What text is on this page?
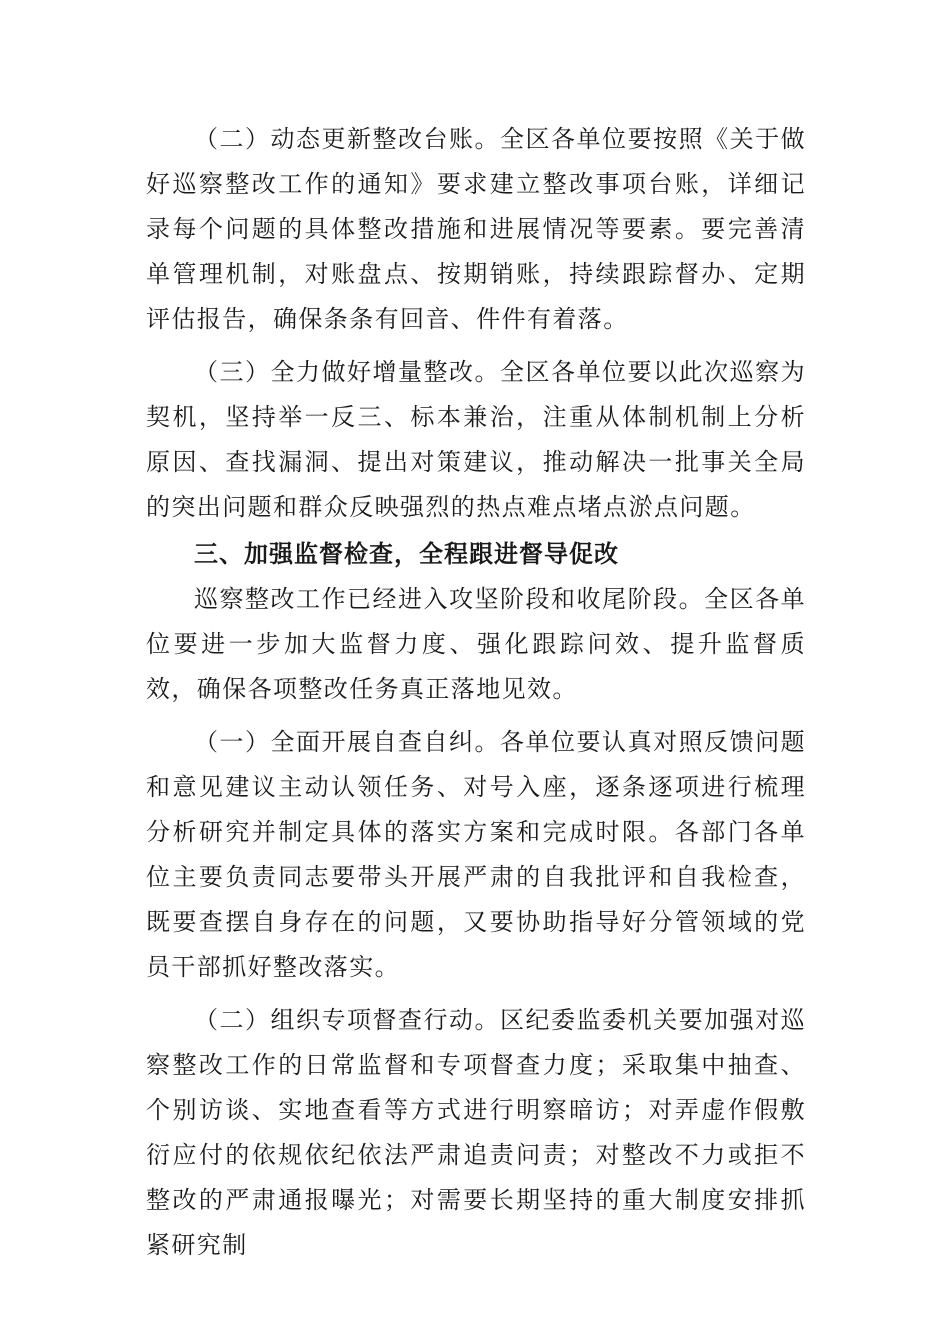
（二）动态更新整改台账。全区各单位要按照《关于做好巡察整改工作的通知》要求建立整改事项台账，详细记录每个问题的具体整改措施和进展情况等要素。要完善清单管理机制，对账盘点、按期销账，持续跟踪督办、定期评估报告，确保条条有回音、件件有着落。

（三）全力做好增量整改。全区各单位要以此次巡察为契机，坚持举一反三、标本兼治，注重从体制机制上分析原因、查找漏洞、提出对策建议，推动解决一批事关全局的突出问题和群众反映强烈的热点难点堵点淤点问题。

三、加强监督检查，全程跟进督导促改

巡察整改工作已经进入攻坚阶段和收尾阶段。全区各单位要进一步加大监督力度、强化跟踪问效、提升监督质效，确保各项整改任务真正落地见效。

（一）全面开展自查自纠。各单位要认真对照反馈问题和意见建议主动认领任务、对号入座，逐条逐项进行梳理分析研究并制定具体的落实方案和完成时限。各部门各单位主要负责同志要带头开展严肃的自我批评和自我检查，既要查摆自身存在的问题，又要协助指导好分管领域的党员干部抓好整改落实。

（二）组织专项督查行动。区纪委监委机关要加强对巡察整改工作的日常监督和专项督查力度；采取集中抽查、个别访谈、实地查看等方式进行明察暗访；对弄虚作假敷衍应付的依规依纪依法严肃追责问责；对整改不力或拒不整改的严肃通报曝光；对需要长期坚持的重大制度安排抓紧研究制
